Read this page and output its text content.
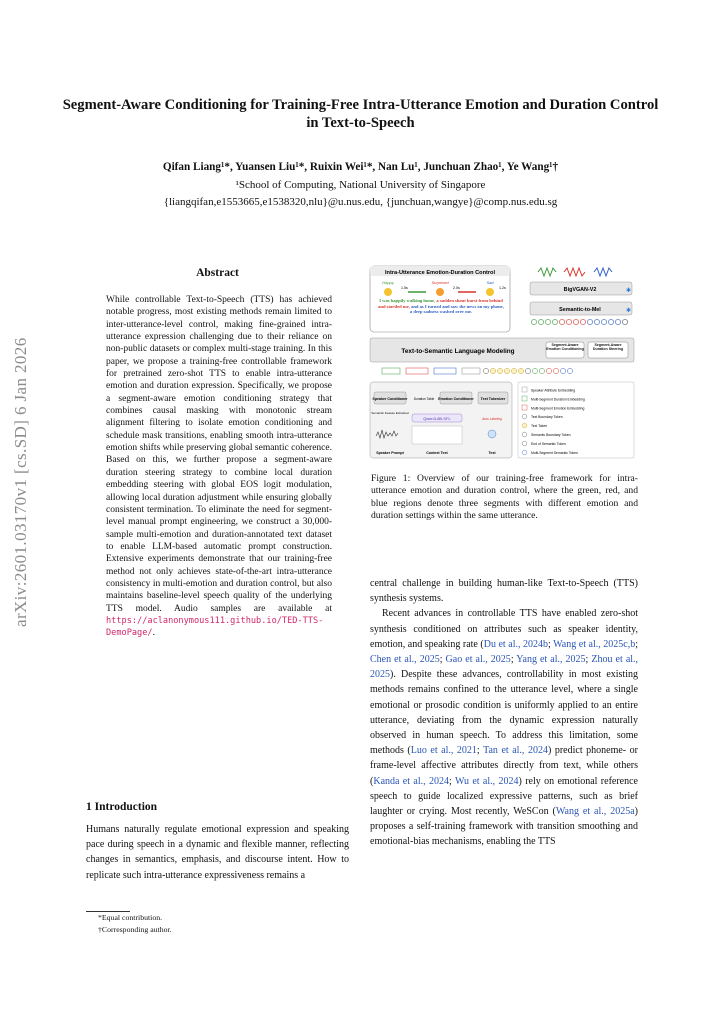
Segment-Aware Conditioning for Training-Free Intra-Utterance Emotion and Duration Control in Text-to-Speech
Qifan Liang¹*, Yuansen Liu¹*, Ruixin Wei¹*, Nan Lu¹, Junchuan Zhao¹, Ye Wang¹†
¹School of Computing, National University of Singapore
{liangqifan,e1553665,e1538320,nlu}@u.nus.edu, {junchuan,wangye}@comp.nus.edu.sg
arXiv:2601.03170v1 [cs.SD] 6 Jan 2026
Abstract
While controllable Text-to-Speech (TTS) has achieved notable progress, most existing methods remain limited to inter-utterance-level control, making fine-grained intra-utterance expression challenging due to their reliance on non-public datasets or complex multi-stage training. In this paper, we propose a training-free controllable framework for pretrained zero-shot TTS to enable intra-utterance emotion and duration expression. Specifically, we propose a segment-aware emotion conditioning strategy that combines causal masking with monotonic stream alignment filtering to isolate emotion conditioning and schedule mask transitions, enabling smooth intra-utterance emotion shifts while preserving global semantic coherence. Based on this, we further propose a segment-aware duration steering strategy to combine local duration embedding steering with global EOS logit modulation, allowing local duration adjustment while ensuring globally consistent termination. To eliminate the need for segment-level manual prompt engineering, we construct a 30,000-sample multi-emotion and duration-annotated text dataset to enable LLM-based automatic prompt construction. Extensive experiments demonstrate that our training-free method not only achieves state-of-the-art intra-utterance consistency in multi-emotion and duration control, but also maintains baseline-level speech quality of the underlying TTS model. Audio samples are available at https://aclanonymous111.github.io/TED-TTS-DemoPage/.
1 Introduction
Humans naturally regulate emotional expression and speaking pace during speech in a dynamic and flexible manner, reflecting changes in semantics, emphasis, and discourse intent. How to replicate such intra-utterance expressiveness remains a
*Equal contribution.
†Corresponding author.
Intra-Utterance Emotion-Duration Control
Happy	Surprised	Sad
1.5s	2.0s	1.2s
I was happily walking home, a sudden shout burst from behind and startled me, and as I turned and saw the news on my phone, a deep sadness washed over me.
BigVGAN-V2	✱
Semantic-to-Mel	✱
Text-to-Semantic Language Modeling
Segment-Aware Emotion Conditioning
Segment-Aware Duration Steering
Speaker Conditioner Duration Table Emotion Conditioner Text Tokenizer
Semantic Feature Extracted
Qwen3-8B-SFL	Auto Labeling
Speaker Prompt	Context Text	Text
Speaker Attribute Embedding
Multi-Segment Duration Embedding
Multi-Segment Emotion Embedding
Text Boundary Token
Text Token
Semantic Boundary Token
End of Semantic Token
Multi-Segment Semantic Token
Figure 1: Overview of our training-free framework for intra-utterance emotion and duration control, where the green, red, and blue regions denote three segments with different emotion and duration settings within the same utterance.
central challenge in building human-like Text-to-Speech (TTS) synthesis systems.
Recent advances in controllable TTS have enabled zero-shot synthesis conditioned on attributes such as speaker identity, emotion, and speaking rate (Du et al., 2024b; Wang et al., 2025c,b; Chen et al., 2025; Gao et al., 2025; Yang et al., 2025; Zhou et al., 2025). Despite these advances, controllability in most existing methods remains confined to the utterance level, where a single emotional or prosodic condition is uniformly applied to an entire utterance, deviating from the dynamic expression naturally observed in human speech. To address this limitation, some methods (Luo et al., 2021; Tan et al., 2024) predict phoneme- or frame-level affective attributes directly from text, while others (Kanda et al., 2024; Wu et al., 2024) rely on emotional reference speech to guide localized expressive patterns, such as brief laughter or crying. Most recently, WeSCon (Wang et al., 2025a) proposes a self-training framework with transition smoothing and emotional-bias mechanisms, enabling the TTS
